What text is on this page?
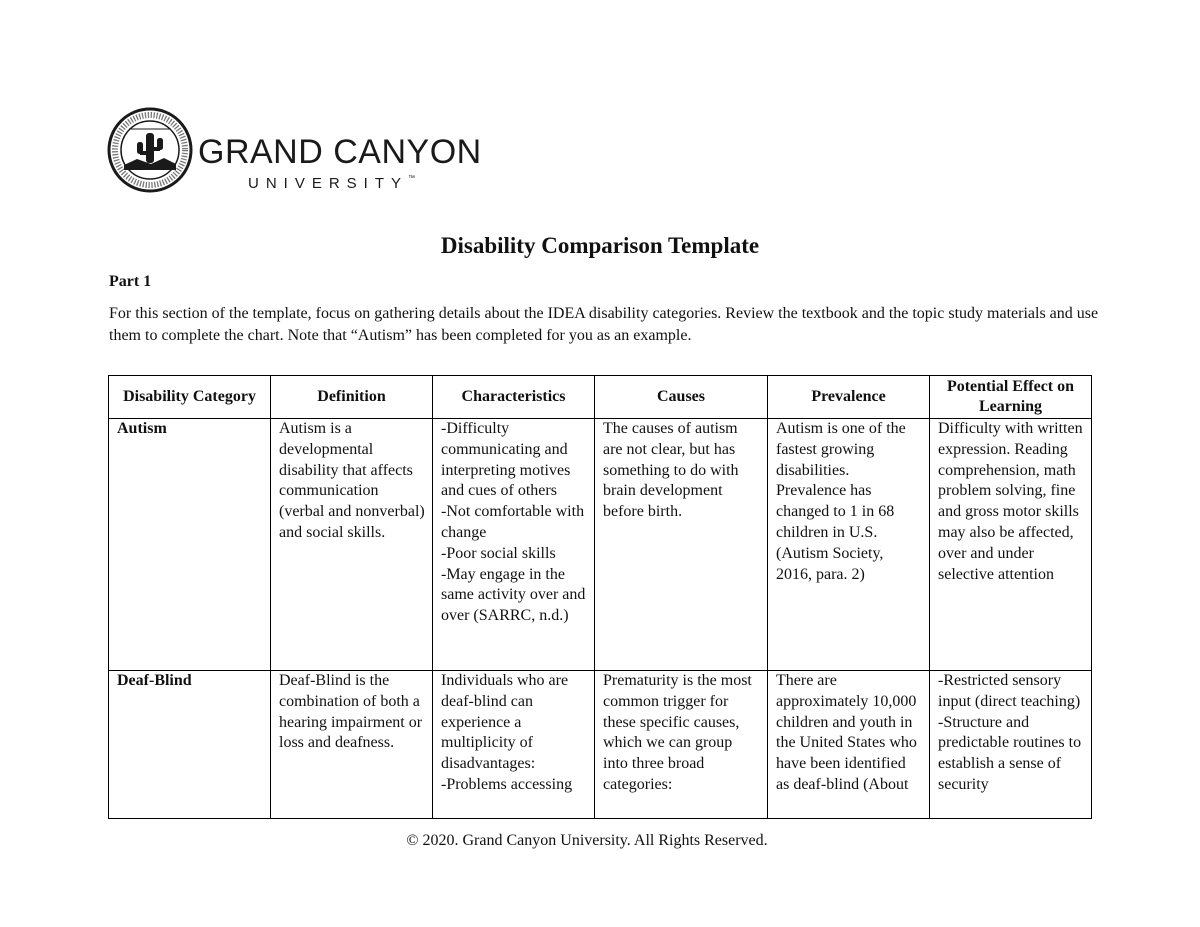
GRAND CANYON
UNIVERSITY™
Disability Comparison Template
Part 1
For this section of the template, focus on gathering details about the IDEA disability categories. Review the textbook and the topic study materials and use them to complete the chart. Note that “Autism” has been completed for you as an example.
Disability Category	Definition	Characteristics	Causes	Prevalence	Potential Effect on Learning
Autism	Autism is a developmental disability that affects communication (verbal and nonverbal) and social skills.	-Difficulty communicating and interpreting motives and cues of others
-Not comfortable with change
-Poor social skills
-May engage in the same activity over and over (SARRC, n.d.)	The causes of autism are not clear, but has something to do with brain development before birth.	Autism is one of the fastest growing disabilities. Prevalence has changed to 1 in 68 children in U.S. (Autism Society, 2016, para. 2)	Difficulty with written expression. Reading comprehension, math problem solving, fine and gross motor skills may also be affected, over and under selective attention

Deaf-Blind	Deaf-Blind is the combination of both a hearing impairment or loss and deafness.	Individuals who are deaf-blind can experience a multiplicity of disadvantages:
-Problems accessing	Prematurity is the most common trigger for these specific causes, which we can group into three broad categories:	There are approximately 10,000 children and youth in the United States who have been identified as deaf-blind (About	-Restricted sensory input (direct teaching)
-Structure and predictable routines to establish a sense of security
© 2020. Grand Canyon University. All Rights Reserved.
